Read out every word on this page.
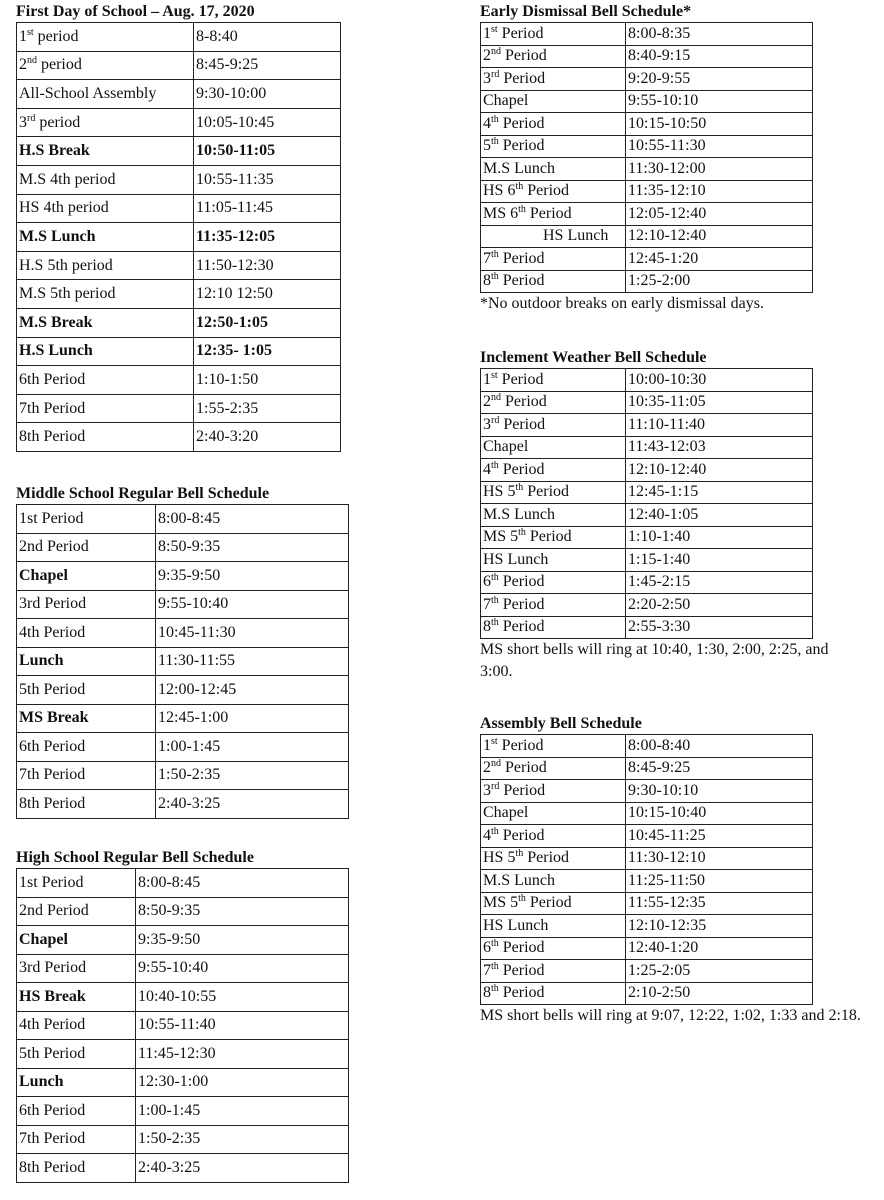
First Day of School – Aug. 17, 2020
1st period	8-8:40
2nd period	8:45-9:25
All-School Assembly	9:30-10:00
3rd period	10:05-10:45
H.S Break	10:50-11:05
M.S 4th period	10:55-11:35
HS 4th period	11:05-11:45
M.S Lunch	11:35-12:05
H.S 5th period	11:50-12:30
M.S 5th period	12:10 12:50
M.S Break	12:50-1:05
H.S Lunch	12:35- 1:05
6th Period	1:10-1:50
7th Period	1:55-2:35
8th Period	2:40-3:20
Middle School Regular Bell Schedule
1st Period	8:00-8:45
2nd Period	8:50-9:35
Chapel	9:35-9:50
3rd Period	9:55-10:40
4th Period	10:45-11:30
Lunch	11:30-11:55
5th Period	12:00-12:45
MS Break	12:45-1:00
6th Period	1:00-1:45
7th Period	1:50-2:35
8th Period	2:40-3:25
High School Regular Bell Schedule
1st Period	8:00-8:45
2nd Period	8:50-9:35
Chapel	9:35-9:50
3rd Period	9:55-10:40
HS Break	10:40-10:55
4th Period	10:55-11:40
5th Period	11:45-12:30
Lunch	12:30-1:00
6th Period	1:00-1:45
7th Period	1:50-2:35
8th Period	2:40-3:25
Early Dismissal Bell Schedule*
1st Period	8:00-8:35
2nd Period	8:40-9:15
3rd Period	9:20-9:55
Chapel	9:55-10:10
4th Period	10:15-10:50
5th Period	10:55-11:30
M.S Lunch	11:30-12:00
HS 6th Period	11:35-12:10
MS 6th Period	12:05-12:40
HS Lunch	12:10-12:40
7th Period	12:45-1:20
8th Period	1:25-2:00
*No outdoor breaks on early dismissal days.
Inclement Weather Bell Schedule
1st Period	10:00-10:30
2nd Period	10:35-11:05
3rd Period	11:10-11:40
Chapel	11:43-12:03
4th Period	12:10-12:40
HS 5th Period	12:45-1:15
M.S Lunch	12:40-1:05
MS 5th Period	1:10-1:40
HS Lunch	1:15-1:40
6th Period	1:45-2:15
7th Period	2:20-2:50
8th Period	2:55-3:30
MS short bells will ring at 10:40, 1:30, 2:00, 2:25, and 3:00.
Assembly Bell Schedule
1st Period	8:00-8:40
2nd Period	8:45-9:25
3rd Period	9:30-10:10
Chapel	10:15-10:40
4th Period	10:45-11:25
HS 5th Period	11:30-12:10
M.S Lunch	11:25-11:50
MS 5th Period	11:55-12:35
HS Lunch	12:10-12:35
6th Period	12:40-1:20
7th Period	1:25-2:05
8th Period	2:10-2:50
MS short bells will ring at 9:07, 12:22, 1:02, 1:33 and 2:18.
